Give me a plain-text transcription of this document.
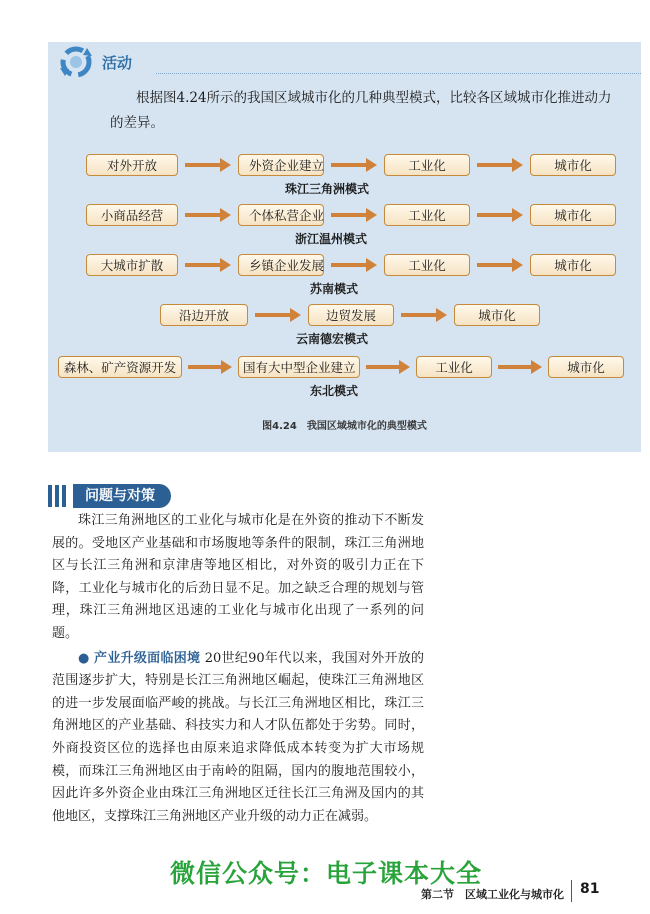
活动

根据图4.24所示的我国区域城市化的几种典型模式，比较各区域城市化推进动力的差异。

对外开放	外资企业建立	工业化	城市化
珠江三角洲模式
小商品经营	个体私营企业	工业化	城市化
浙江温州模式
大城市扩散	乡镇企业发展	工业化	城市化
苏南模式
沿边开放	边贸发展	城市化
云南德宏模式
森林、矿产资源开发	国有大中型企业建立	工业化	城市化
东北模式
图4.24　我国区域城市化的典型模式
问题与对策

珠江三角洲地区的工业化与城市化是在外资的推动下不断发展的。受地区产业基础和市场腹地等条件的限制，珠江三角洲地区与长江三角洲和京津唐等地区相比，对外资的吸引力正在下降，工业化与城市化的后劲日显不足。加之缺乏合理的规划与管理，珠江三角洲地区迅速的工业化与城市化出现了一系列的问题。

● 产业升级面临困境 20世纪90年代以来，我国对外开放的范围逐步扩大，特别是长江三角洲地区崛起，使珠江三角洲地区的进一步发展面临严峻的挑战。与长江三角洲地区相比，珠江三角洲地区的产业基础、科技实力和人才队伍都处于劣势。同时，外商投资区位的选择也由原来追求降低成本转变为扩大市场规模，而珠江三角洲地区由于南岭的阻隔，国内的腹地范围较小，因此许多外资企业由珠江三角洲地区迁往长江三角洲及国内的其他地区，支撑珠江三角洲地区产业升级的动力正在减弱。

微信公众号：电子课本大全
第二节　区域工业化与城市化 81
